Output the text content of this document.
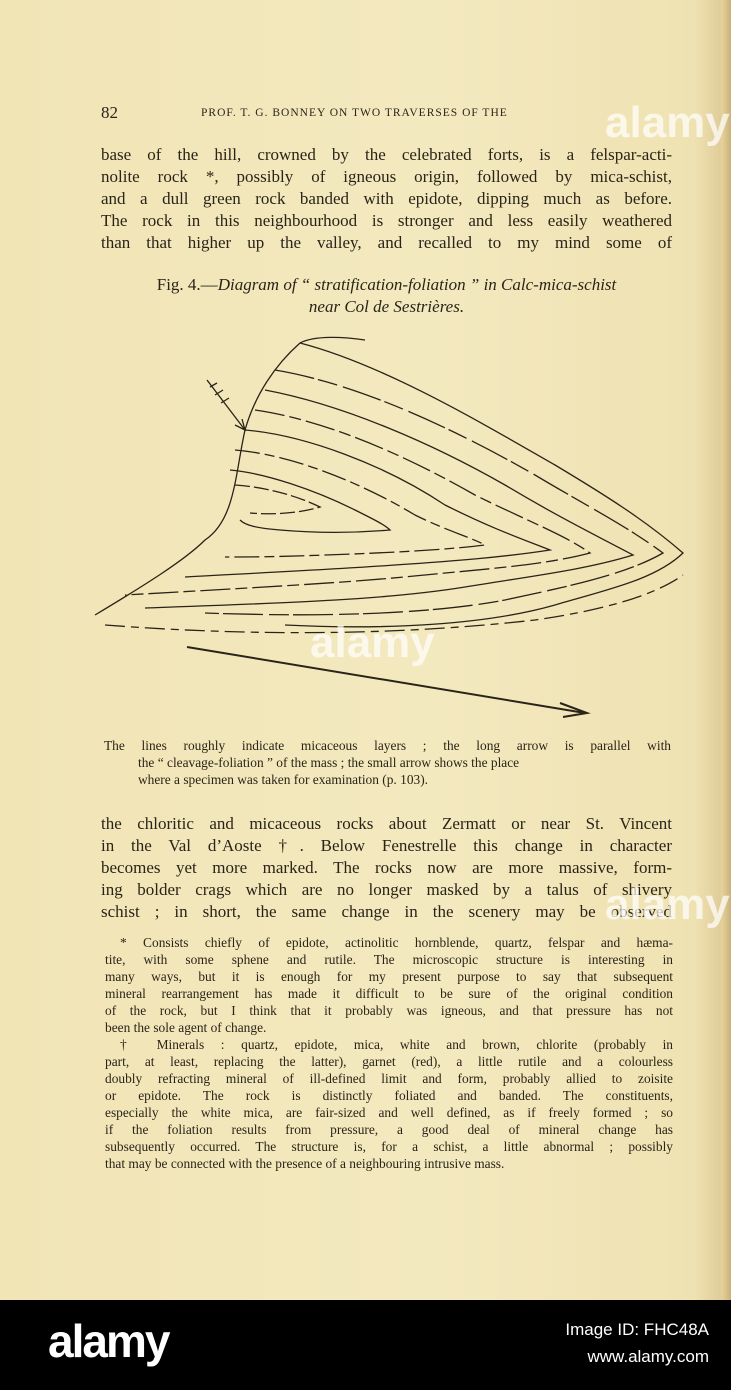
82	PROF. T. G. BONNEY ON TWO TRAVERSES OF THE
base of the hill, crowned by the celebrated forts, is a felspar-acti-
nolite rock *, possibly of igneous origin, followed by mica-schist,
and a dull green rock banded with epidote, dipping much as before.
The rock in this neighbourhood is stronger and less easily weathered
than that higher up the valley, and recalled to my mind some of
Fig. 4.—Diagram of “ stratification-foliation ” in Calc-mica-schist
near Col de Sestrières.
The lines roughly indicate micaceous layers ; the long arrow is parallel with
the “ cleavage-foliation ” of the mass ; the small arrow shows the place
where a specimen was taken for examination (p. 103).
the chloritic and micaceous rocks about Zermatt or near St. Vincent
in the Val d’Aoste †. Below Fenestrelle this change in character
becomes yet more marked. The rocks now are more massive, form-
ing bolder crags which are no longer masked by a talus of shivery
schist ; in short, the same change in the scenery may be observed
* Consists chiefly of epidote, actinolitic hornblende, quartz, felspar and hæma-
tite, with some sphene and rutile. The microscopic structure is interesting in
many ways, but it is enough for my present purpose to say that subsequent
mineral rearrangement has made it difficult to be sure of the original condition
of the rock, but I think that it probably was igneous, and that pressure has not
been the sole agent of change.
† Minerals : quartz, epidote, mica, white and brown, chlorite (probably in
part, at least, replacing the latter), garnet (red), a little rutile and a colourless
doubly refracting mineral of ill-defined limit and form, probably allied to zoisite
or epidote. The rock is distinctly foliated and banded. The constituents,
especially the white mica, are fair-sized and well defined, as if freely formed ; so
if the foliation results from pressure, a good deal of mineral change has
subsequently occurred. The structure is, for a schist, a little abnormal ; possibly
that may be connected with the presence of a neighbouring intrusive mass.
alamy
alamy
alamy
alamy	Image ID: FHC48A
www.alamy.com
